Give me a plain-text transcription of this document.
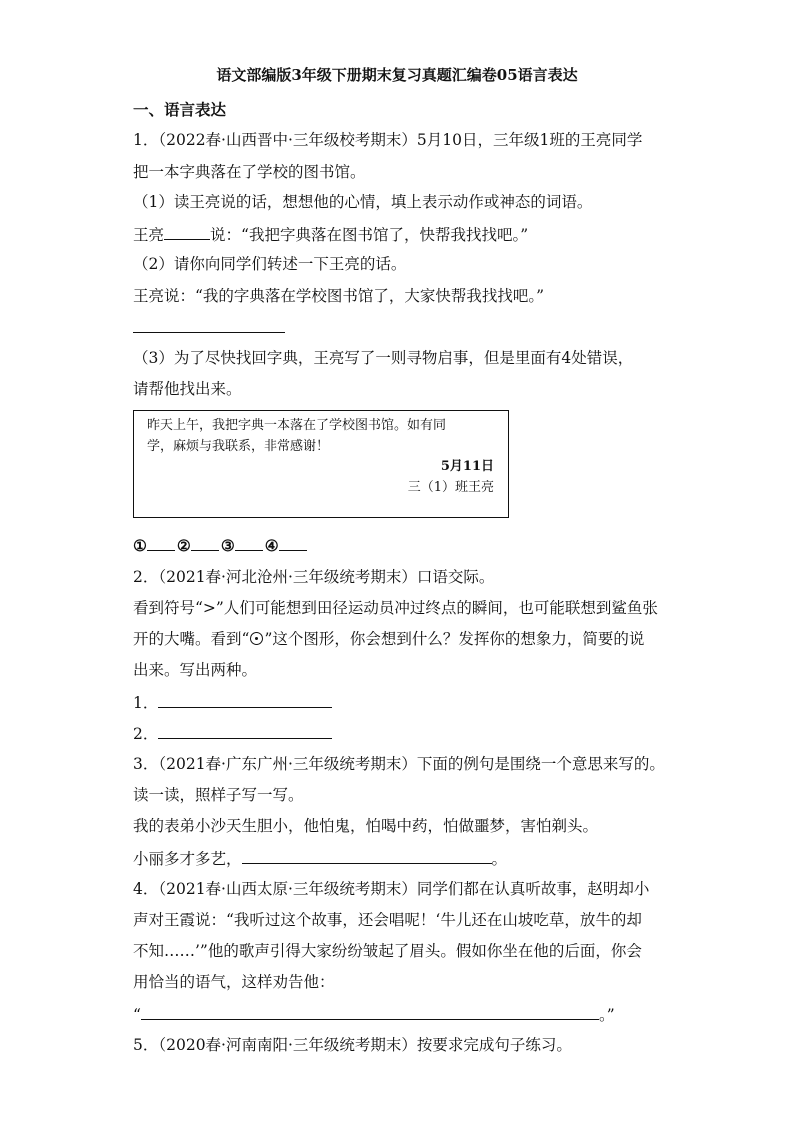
语文部编版3年级下册期末复习真题汇编卷05语言表达
一、语言表达
1．（2022春·山西晋中·三年级校考期末）5月10日，三年级1班的王亮同学
把一本字典落在了学校的图书馆。
（1）读王亮说的话，想想他的心情，填上表示动作或神态的词语。
王亮	说：“我把字典落在图书馆了，快帮我找找吧。”
（2）请你向同学们转述一下王亮的话。
王亮说：“我的字典落在学校图书馆了，大家快帮我找找吧。”
（3）为了尽快找回字典，王亮写了一则寻物启事，但是里面有4处错误，
请帮他找出来。
昨天上午，我把字典一本落在了学校图书馆。如有同
学，麻烦与我联系，非常感谢！
5月11日
三（1）班王亮
① ② ③ ④
2．（2021春·河北沧州·三年级统考期末）口语交际。
看到符号“>”人们可能想到田径运动员冲过终点的瞬间，也可能联想到鲨鱼张
开的大嘴。看到“ ”这个图形，你会想到什么？发挥你的想象力，简要的说
出来。写出两种。
1．
2．
3．（2021春·广东广州·三年级统考期末）下面的例句是围绕一个意思来写的。
读一读，照样子写一写。
我的表弟小沙天生胆小，他怕鬼，怕喝中药，怕做噩梦，害怕剃头。
小丽多才多艺，	。
4．（2021春·山西太原·三年级统考期末）同学们都在认真听故事，赵明却小
声对王霞说：“我听过这个故事，还会唱呢！‘牛儿还在山坡吃草，放牛的却
不知……’”他的歌声引得大家纷纷皱起了眉头。假如你坐在他的后面，你会
用恰当的语气，这样劝告他：
“	。”
5．（2020春·河南南阳·三年级统考期末）按要求完成句子练习。
